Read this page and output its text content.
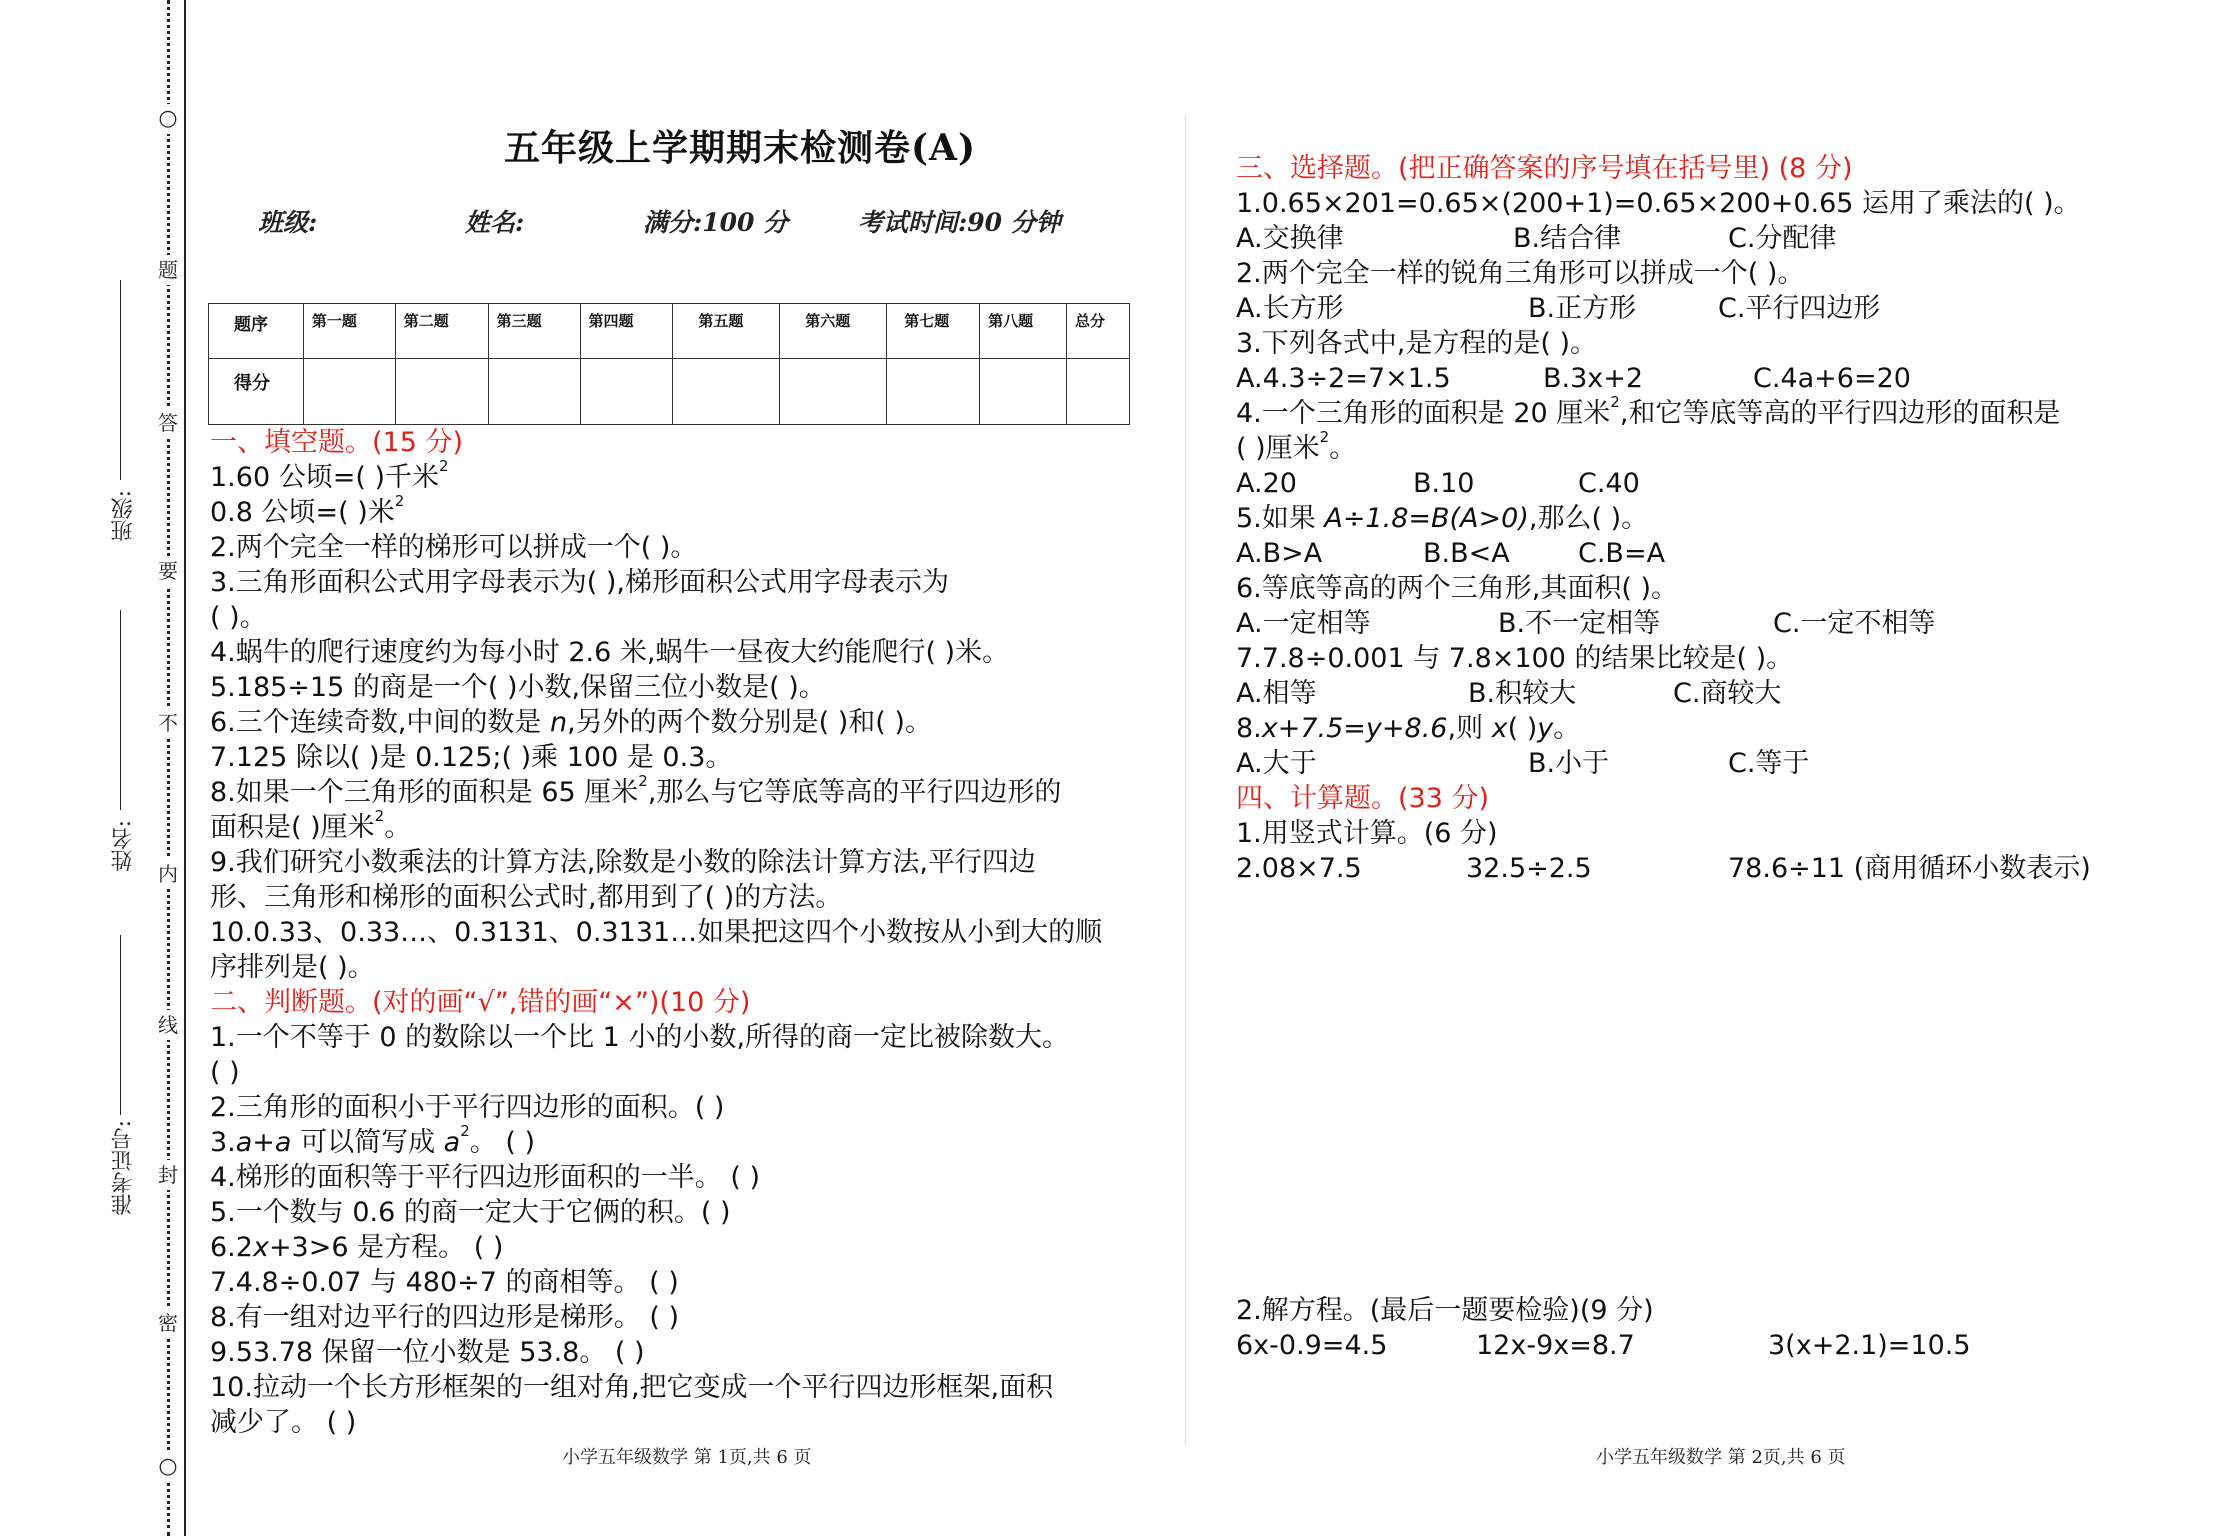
○
题
答
要
不
内
线
封
密
○
班级:
姓名:
准考证号:
五年级上学期期末检测卷(A)
班级:	姓名:	满分:100 分	考试时间:90 分钟
题序	第一题	第二题	第三题	第四题	第五题	第六题	第七题	第八题	总分
得分									
一、填空题。(15 分)
1.60 公顷=( )千米$^2$
0.8 公顷=( )米$^2$
2.两个完全一样的梯形可以拼成一个( )。
3.三角形面积公式用字母表示为( ),梯形面积公式用字母表示为
( )。
4.蜗牛的爬行速度约为每小时 2.6 米,蜗牛一昼夜大约能爬行( )米。
5.185÷15 的商是一个( )小数,保留三位小数是( )。
6.三个连续奇数,中间的数是 n,另外的两个数分别是( )和( )。
7.125 除以( )是 0.125;( )乘 100 是 0.3。
8.如果一个三角形的面积是 65 厘米$^2$,那么与它等底等高的平行四边形的
面积是( )厘米$^2$。
9.我们研究小数乘法的计算方法,除数是小数的除法计算方法,平行四边
形、三角形和梯形的面积公式时,都用到了( )的方法。
10.0.33、0.33…、0.3131、0.3131…如果把这四个小数按从小到大的顺
序排列是( )。
二、判断题。(对的画“√”,错的画“×”)(10 分)
1.一个不等于 0 的数除以一个比 1 小的小数,所得的商一定比被除数大。
( )
2.三角形的面积小于平行四边形的面积。( )
3.a+a 可以简写成 $a^2$。 ( )
4.梯形的面积等于平行四边形面积的一半。 ( )
5.一个数与 0.6 的商一定大于它俩的积。( )
6.2x+3>6 是方程。 ( )
7.4.8÷0.07 与 480÷7 的商相等。 ( )
8.有一组对边平行的四边形是梯形。 ( )
9.53.78 保留一位小数是 53.8。 ( )
10.拉动一个长方形框架的一组对角,把它变成一个平行四边形框架,面积
减少了。 ( )
三、选择题。(把正确答案的序号填在括号里) (8 分)
1.0.65×201=0.65×(200+1)=0.65×200+0.65 运用了乘法的( )。
A.交换律	B.结合律	C.分配律
2.两个完全一样的锐角三角形可以拼成一个( )。
A.长方形	B.正方形	C.平行四边形
3.下列各式中,是方程的是( )。
A.4.3÷2=7×1.5	B.3x+2	C.4a+6=20
4.一个三角形的面积是 20 厘米$^2$,和它等底等高的平行四边形的面积是
( )厘米$^2$。
A.20	B.10	C.40
5.如果 A÷1.8=B(A>0),那么( )。
A.B>A	B.B<A	C.B=A
6.等底等高的两个三角形,其面积( )。
A.一定相等	B.不一定相等	C.一定不相等
7.7.8÷0.001 与 7.8×100 的结果比较是( )。
A.相等	B.积较大	C.商较大
8.x+7.5=y+8.6,则 x( )y。
A.大于	B.小于	C.等于
四、计算题。(33 分)
1.用竖式计算。(6 分)
2.08×7.5	32.5÷2.5	78.6÷11 (商用循环小数表示)
2.解方程。(最后一题要检验)(9 分)
6x-0.9=4.5	12x-9x=8.7	3(x+2.1)=10.5
小学五年级数学 第 1页,共 6 页	小学五年级数学 第 2页,共 6 页
